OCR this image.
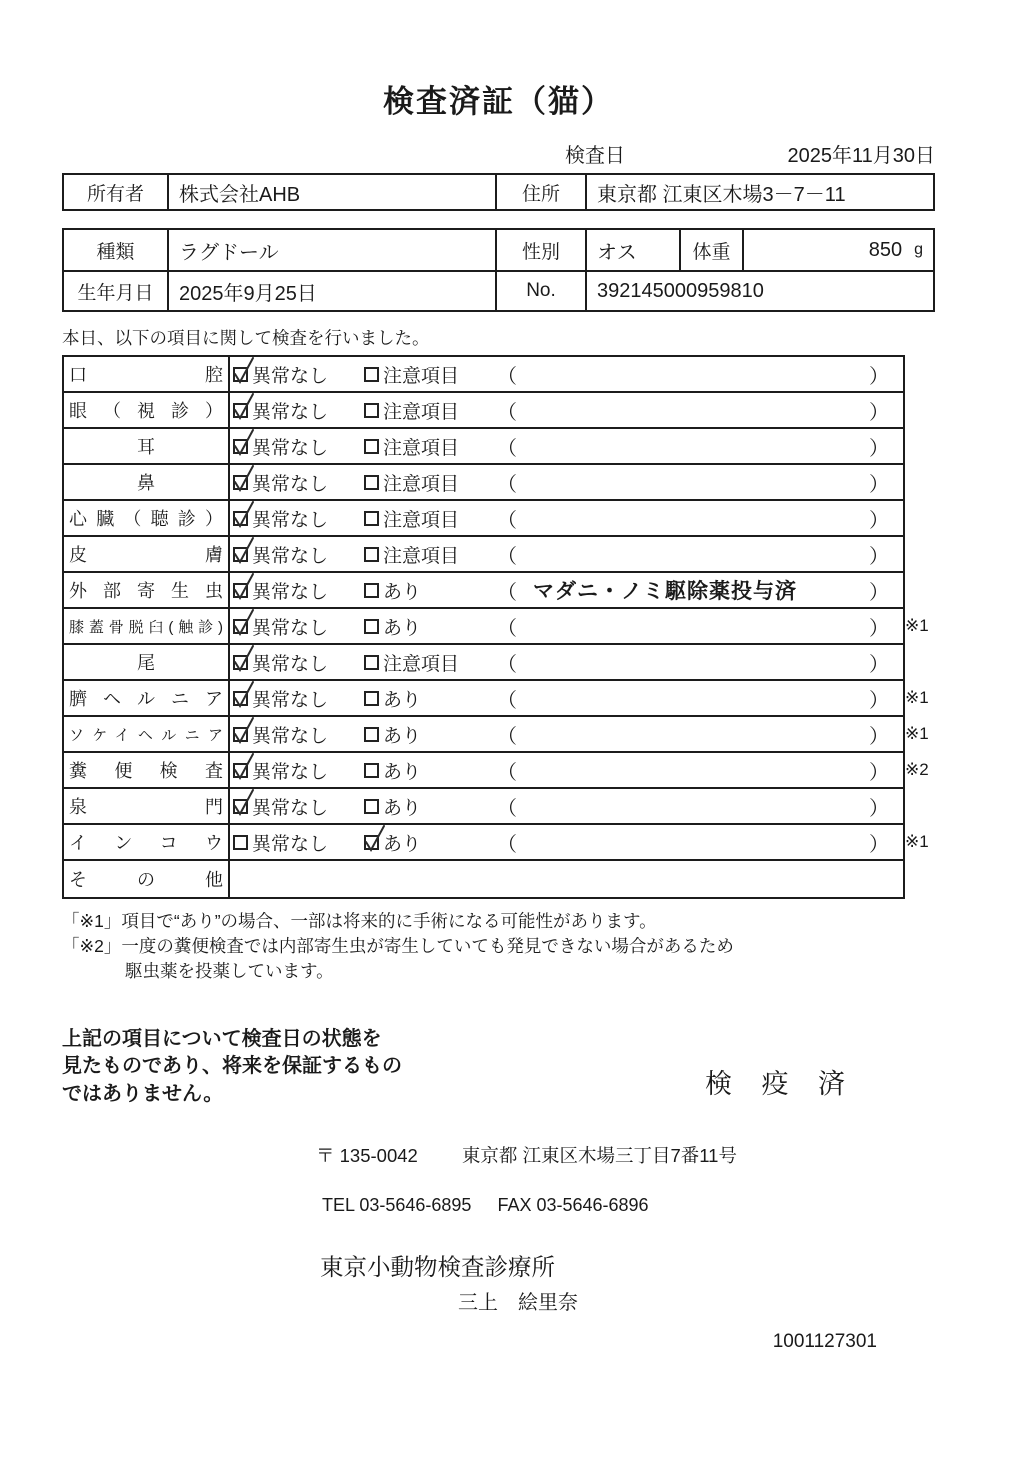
検査済証（猫）
検査日	2025年11月30日
所有者	株式会社AHB	住所	東京都 江東区木場3－7－11
種類	ラグドール	性別	オス	体重	850 g
生年月日	2025年9月25日	No.	392145000959810
本日、以下の項目に関して検査を行いました。
口 腔 異常なし	注意項目 （	）
眼 （ 視 診 ） 異常なし	注意項目 （	）
耳	異常なし	注意項目 （	）
鼻	異常なし	注意項目 （	）
心 臓 （ 聴 診 ） 異常なし	注意項目 （	）
皮 膚 異常なし	注意項目 （	）
外 部 寄 生 虫 異常なし	あり	（ マダニ・ノミ駆除薬投与済	）
膝蓋骨脱臼(触診) 異常なし	あり	（	） ※1
尾	異常なし	注意項目 （	）
臍 ヘ ル ニ ア 異常なし	あり	（	） ※1
ソケイヘルニア 異常なし	あり	（	） ※1
糞 便 検 査 異常なし	あり	（	） ※2
泉 門 異常なし	あり	（	）
イ ン コ ウ 異常なし	あり	（	） ※1
そ の 他
「※1」項目で“あり”の場合、一部は将来的に手術になる可能性があります。
「※2」一度の糞便検査では内部寄生虫が寄生していても発見できない場合があるため
駆虫薬を投薬しています。
上記の項目について検査日の状態を
見たものであり、将来を保証するもの
ではありません。	検 疫 済
〒 135-0042 東京都 江東区木場三丁目7番11号
TEL 03-5646-6895 FAX 03-5646-6896
東京小動物検査診療所
三上　絵里奈
1001127301
